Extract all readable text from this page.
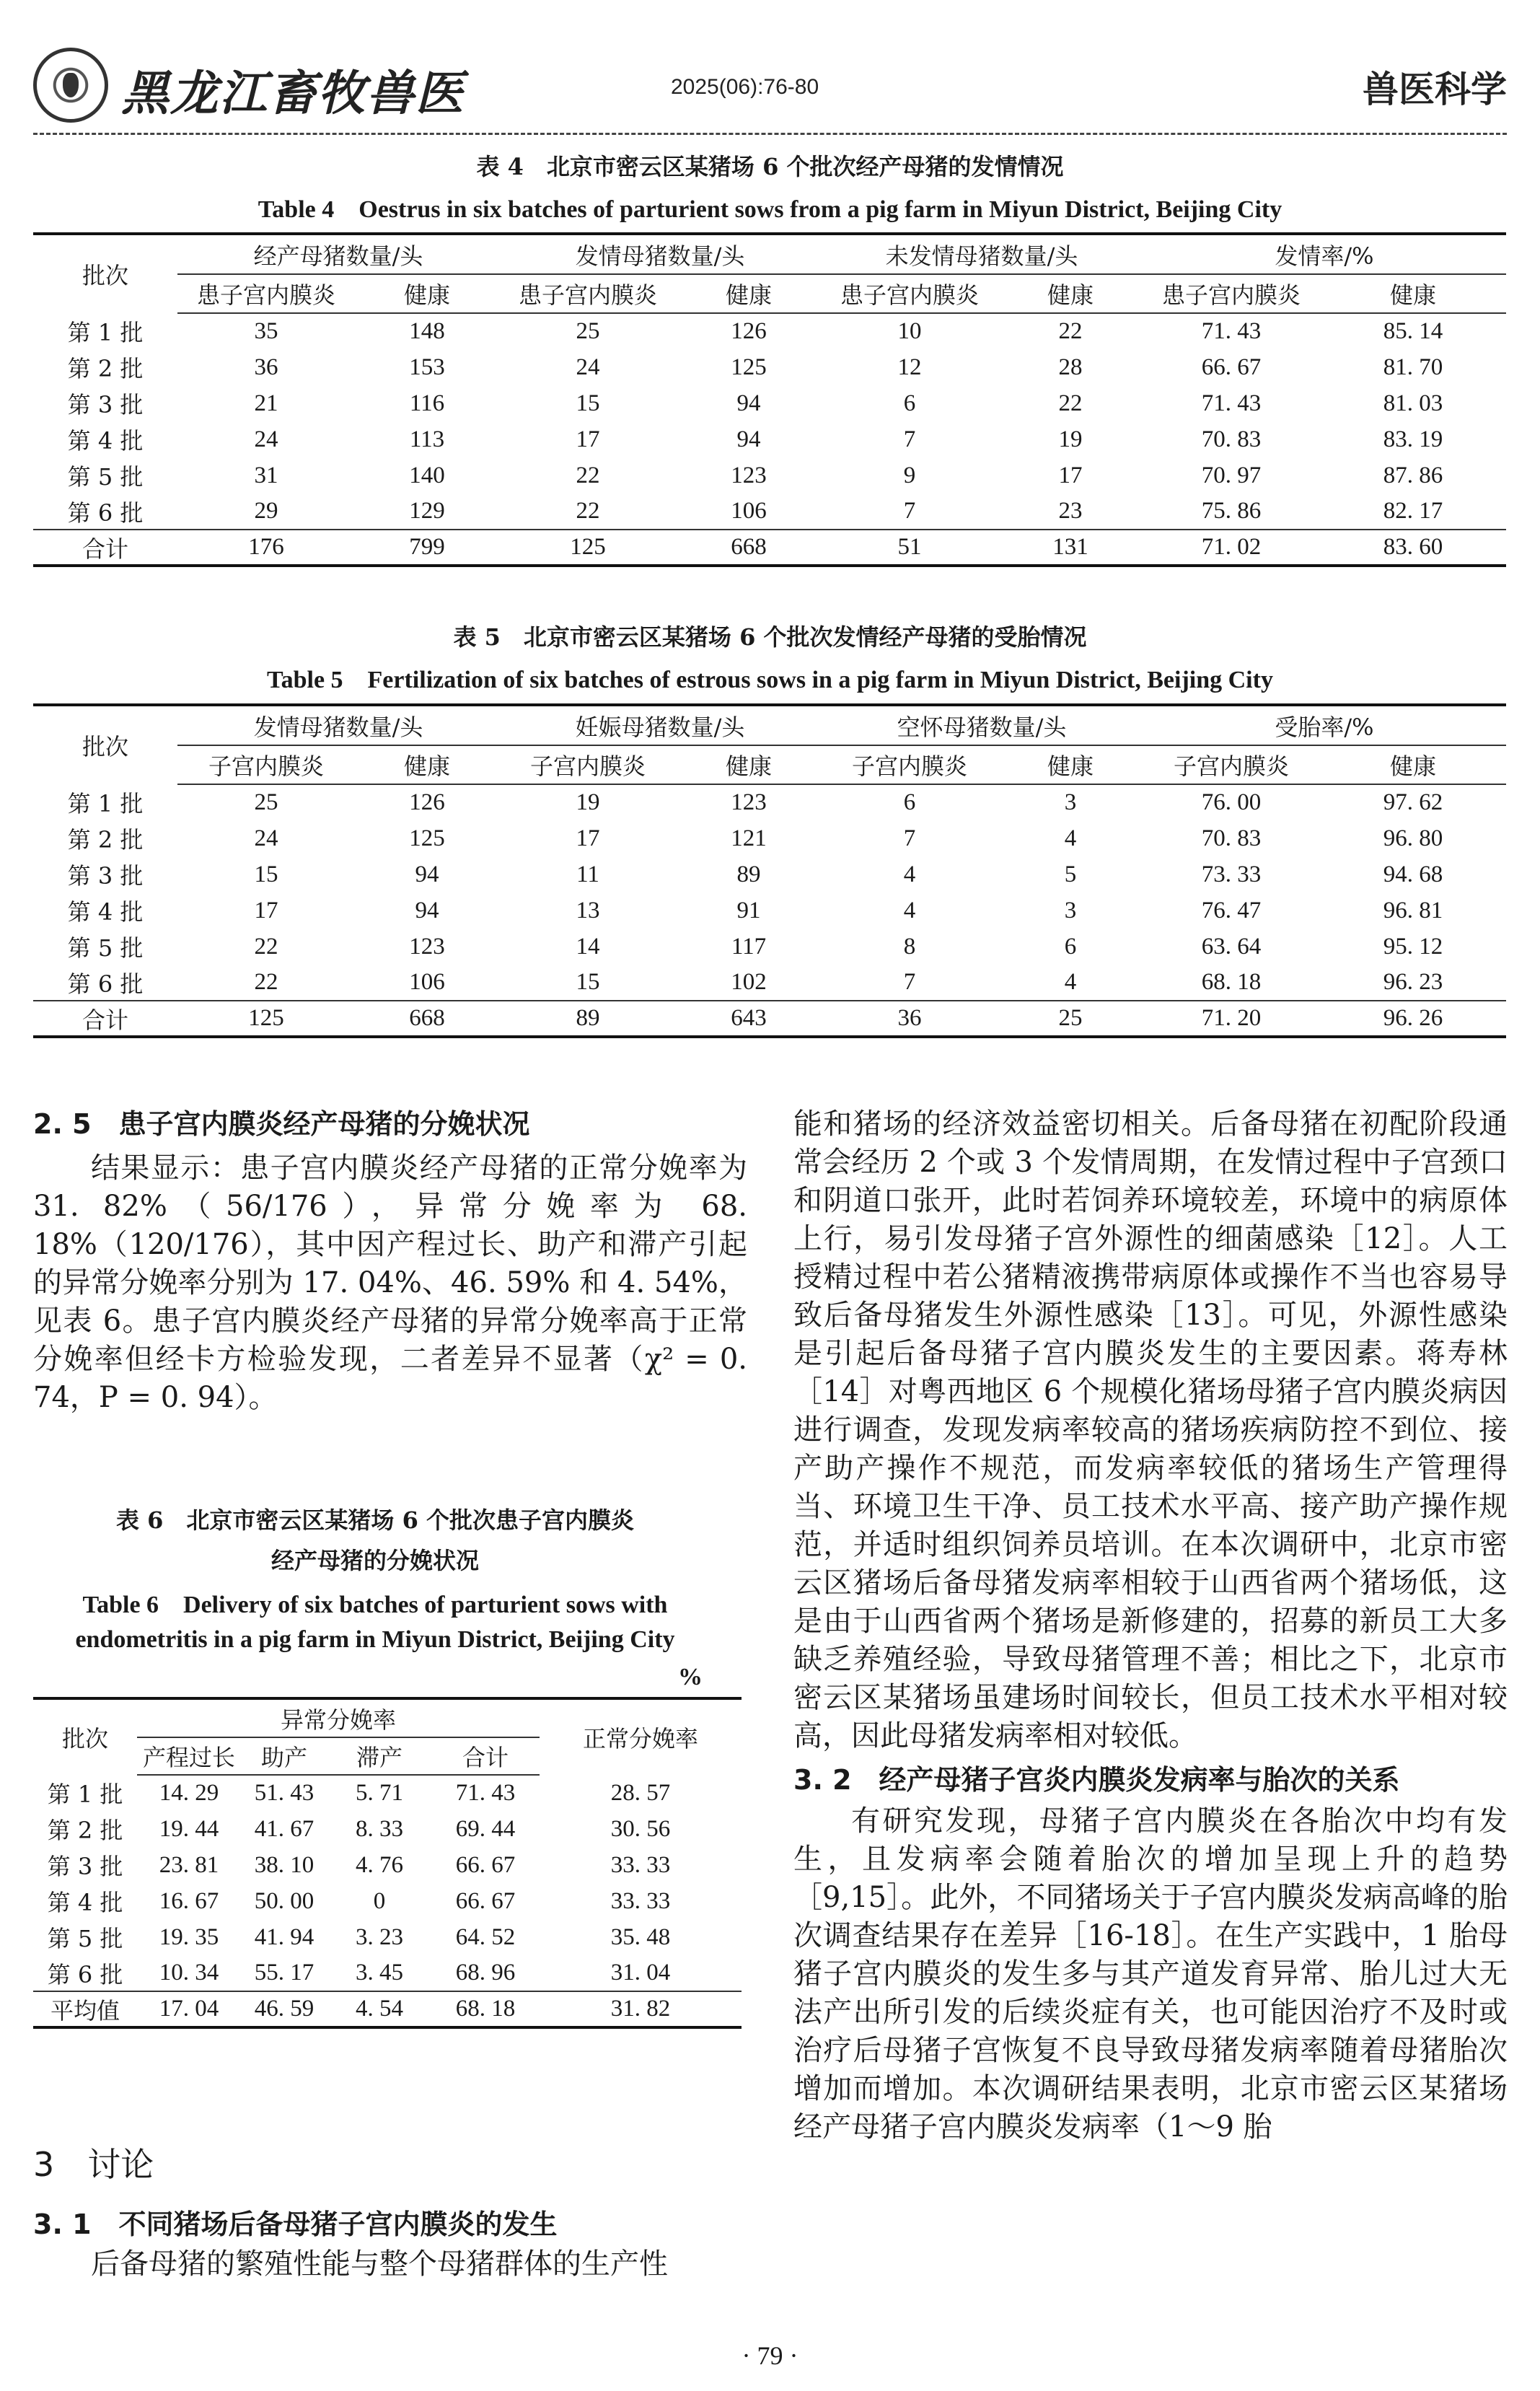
黑龙江畜牧兽医	2025(06):76-80	兽医科学
表 4　北京市密云区某猪场 6 个批次经产母猪的发情情况
Table 4　Oestrus in six batches of parturient sows from a pig farm in Miyun District, Beijing City
批次	经产母猪数量/头		发情母猪数量/头		未发情母猪数量/头		发情率/%	
	患子宫内膜炎	健康	患子宫内膜炎	健康	患子宫内膜炎	健康	患子宫内膜炎	健康
第 1 批	35	148	25	126	10	22	71. 43	85. 14
第 2 批	36	153	24	125	12	28	66. 67	81. 70
第 3 批	21	116	15	94	6	22	71. 43	81. 03
第 4 批	24	113	17	94	7	19	70. 83	83. 19
第 5 批	31	140	22	123	9	17	70. 97	87. 86
第 6 批	29	129	22	106	7	23	75. 86	82. 17
合计	176	799	125	668	51	131	71. 02	83. 60
表 5　北京市密云区某猪场 6 个批次发情经产母猪的受胎情况
Table 5　Fertilization of six batches of estrous sows in a pig farm in Miyun District, Beijing City
批次	发情母猪数量/头		妊娠母猪数量/头		空怀母猪数量/头		受胎率/%	
	子宫内膜炎	健康	子宫内膜炎	健康	子宫内膜炎	健康	子宫内膜炎	健康
第 1 批	25	126	19	123	6	3	76. 00	97. 62
第 2 批	24	125	17	121	7	4	70. 83	96. 80
第 3 批	15	94	11	89	4	5	73. 33	94. 68
第 4 批	17	94	13	91	4	3	76. 47	96. 81
第 5 批	22	123	14	117	8	6	63. 64	95. 12
第 6 批	22	106	15	102	7	4	68. 18	96. 23
合计	125	668	89	643	36	25	71. 20	96. 26
2. 5　患子宫内膜炎经产母猪的分娩状况
结果显示：患子宫内膜炎经产母猪的正常分娩率为 31. 82%（56/176），异常分娩率为 68. 18%（120/176），其中因产程过长、助产和滞产引起的异常分娩率分别为 17. 04%、46. 59% 和 4. 54%，见表 6。患子宫内膜炎经产母猪的异常分娩率高于正常分娩率但经卡方检验发现，二者差异不显著（χ² = 0. 74，P = 0. 94）。
表 6　北京市密云区某猪场 6 个批次患子宫内膜炎
经产母猪的分娩状况
Table 6　Delivery of six batches of parturient sows with
endometritis in a pig farm in Miyun District, Beijing City
%
批次	异常分娩率				正常分娩率
	产程过长	助产	滞产	合计	
第 1 批	14. 29	51. 43	5. 71	71. 43	28. 57
第 2 批	19. 44	41. 67	8. 33	69. 44	30. 56
第 3 批	23. 81	38. 10	4. 76	66. 67	33. 33
第 4 批	16. 67	50. 00	0	66. 67	33. 33
第 5 批	19. 35	41. 94	3. 23	64. 52	35. 48
第 6 批	10. 34	55. 17	3. 45	68. 96	31. 04
平均值	17. 04	46. 59	4. 54	68. 18	31. 82
3　讨论
3. 1　不同猪场后备母猪子宫内膜炎的发生
后备母猪的繁殖性能与整个母猪群体的生产性
能和猪场的经济效益密切相关。后备母猪在初配阶段通常会经历 2 个或 3 个发情周期，在发情过程中子宫颈口和阴道口张开，此时若饲养环境较差，环境中的病原体上行，易引发母猪子宫外源性的细菌感染［12］。人工授精过程中若公猪精液携带病原体或操作不当也容易导致后备母猪发生外源性感染［13］。可见，外源性感染是引起后备母猪子宫内膜炎发生的主要因素。蒋寿林［14］对粤西地区 6 个规模化猪场母猪子宫内膜炎病因进行调查，发现发病率较高的猪场疾病防控不到位、接产助产操作不规范，而发病率较低的猪场生产管理得当、环境卫生干净、员工技术水平高、接产助产操作规范，并适时组织饲养员培训。在本次调研中，北京市密云区猪场后备母猪发病率相较于山西省两个猪场低，这是由于山西省两个猪场是新修建的，招募的新员工大多缺乏养殖经验，导致母猪管理不善；相比之下，北京市密云区某猪场虽建场时间较长，但员工技术水平相对较高，因此母猪发病率相对较低。
3. 2　经产母猪子宫炎内膜炎发病率与胎次的关系
有研究发现，母猪子宫内膜炎在各胎次中均有发生，且发病率会随着胎次的增加呈现上升的趋势［9,15］。此外，不同猪场关于子宫内膜炎发病高峰的胎次调查结果存在差异［16-18］。在生产实践中，1 胎母猪子宫内膜炎的发生多与其产道发育异常、胎儿过大无法产出所引发的后续炎症有关，也可能因治疗不及时或治疗后母猪子宫恢复不良导致母猪发病率随着母猪胎次增加而增加。本次调研结果表明，北京市密云区某猪场经产母猪子宫内膜炎发病率（1～9 胎
· 79 ·
